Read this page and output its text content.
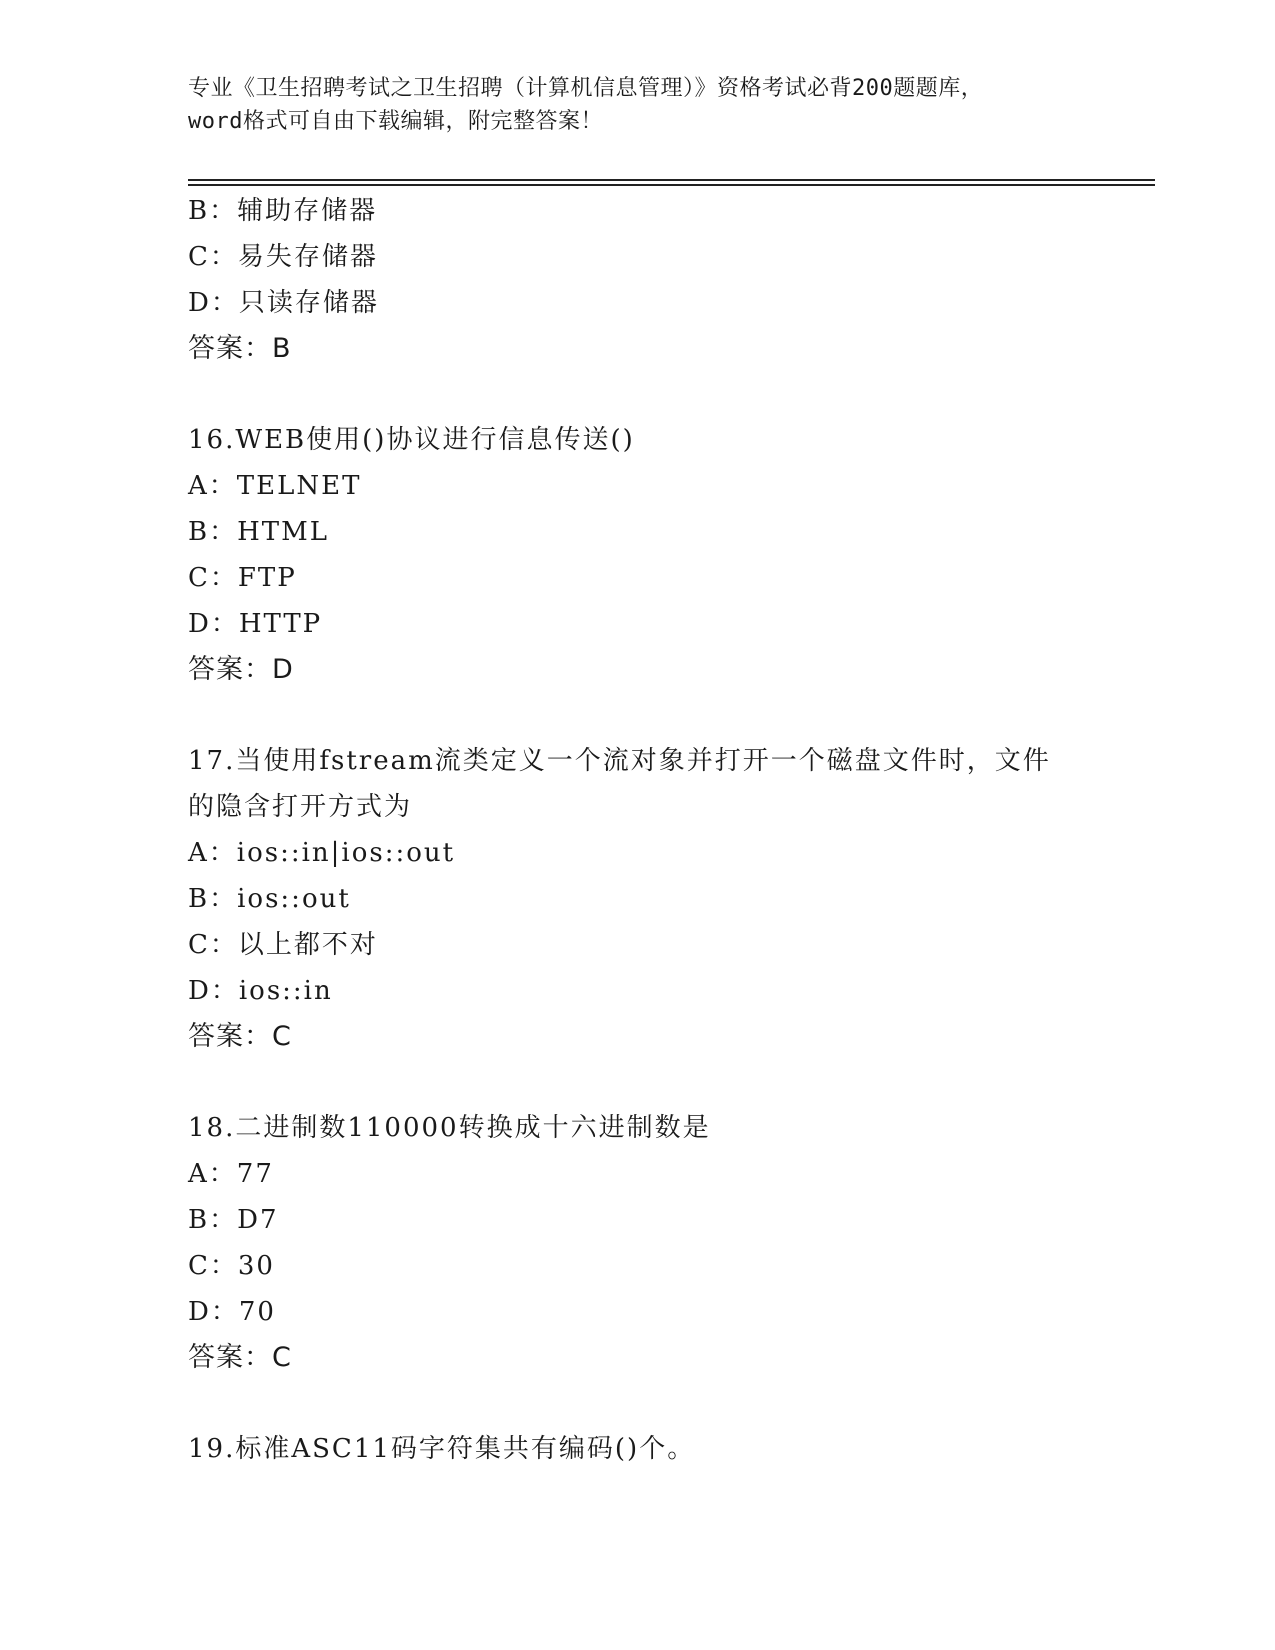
专业《卫生招聘考试之卫生招聘（计算机信息管理）》资格考试必背200题题库，
word格式可自由下载编辑，附完整答案！
B：辅助存储器
C：易失存储器
D：只读存储器
答案：B
16.WEB使用()协议进行信息传送()
A：TELNET
B：HTML
C：FTP
D：HTTP
答案：D
17.当使用fstream流类定义一个流对象并打开一个磁盘文件时，文件
的隐含打开方式为
A：ios::in|ios::out
B：ios::out
C：以上都不对
D：ios::in
答案：C
18.二进制数110000转换成十六进制数是
A：77
B：D7
C：30
D：70
答案：C
19.标准ASC11码字符集共有编码()个。
